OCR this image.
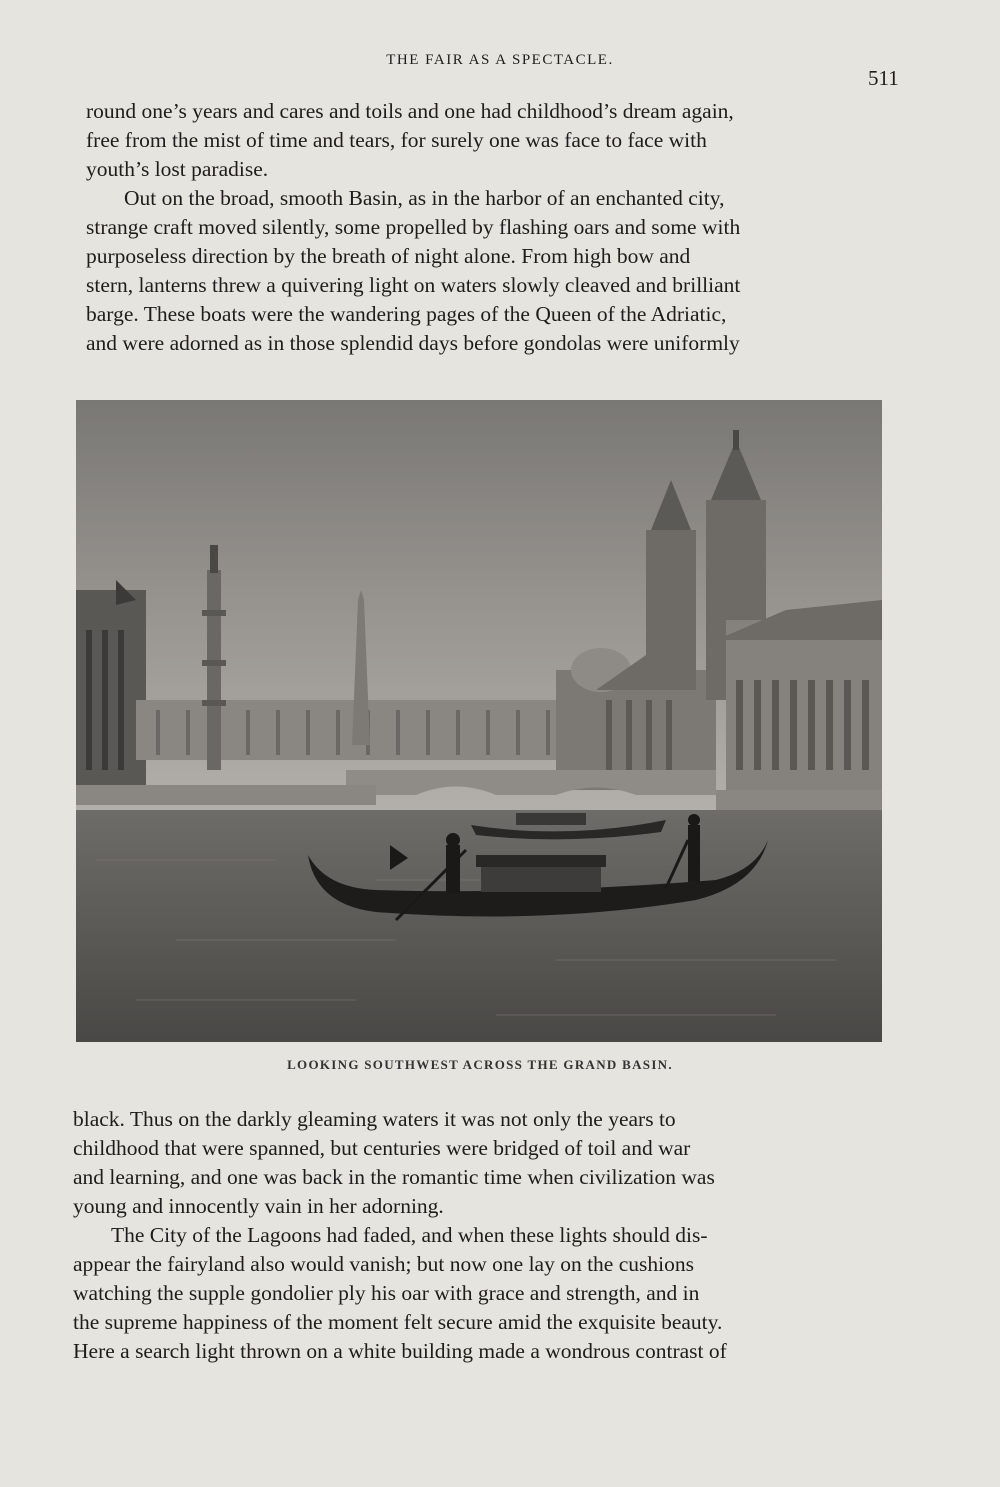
THE FAIR AS A SPECTACLE.
511
round one’s years and cares and toils and one had childhood’s dream again,
free from the mist of time and tears, for surely one was face to face with
youth’s lost paradise.
Out on the broad, smooth Basin, as in the harbor of an enchanted city,
strange craft moved silently, some propelled by flashing oars and some with
purposeless direction by the breath of night alone. From high bow and
stern, lanterns threw a quivering light on waters slowly cleaved and brilliant
barge. These boats were the wandering pages of the Queen of the Adriatic,
and were adorned as in those splendid days before gondolas were uniformly
LOOKING SOUTHWEST ACROSS THE GRAND BASIN.
black. Thus on the darkly gleaming waters it was not only the years to
childhood that were spanned, but centuries were bridged of toil and war
and learning, and one was back in the romantic time when civilization was
young and innocently vain in her adorning.
The City of the Lagoons had faded, and when these lights should dis-
appear the fairyland also would vanish; but now one lay on the cushions
watching the supple gondolier ply his oar with grace and strength, and in
the supreme happiness of the moment felt secure amid the exquisite beauty.
Here a search light thrown on a white building made a wondrous contrast of
